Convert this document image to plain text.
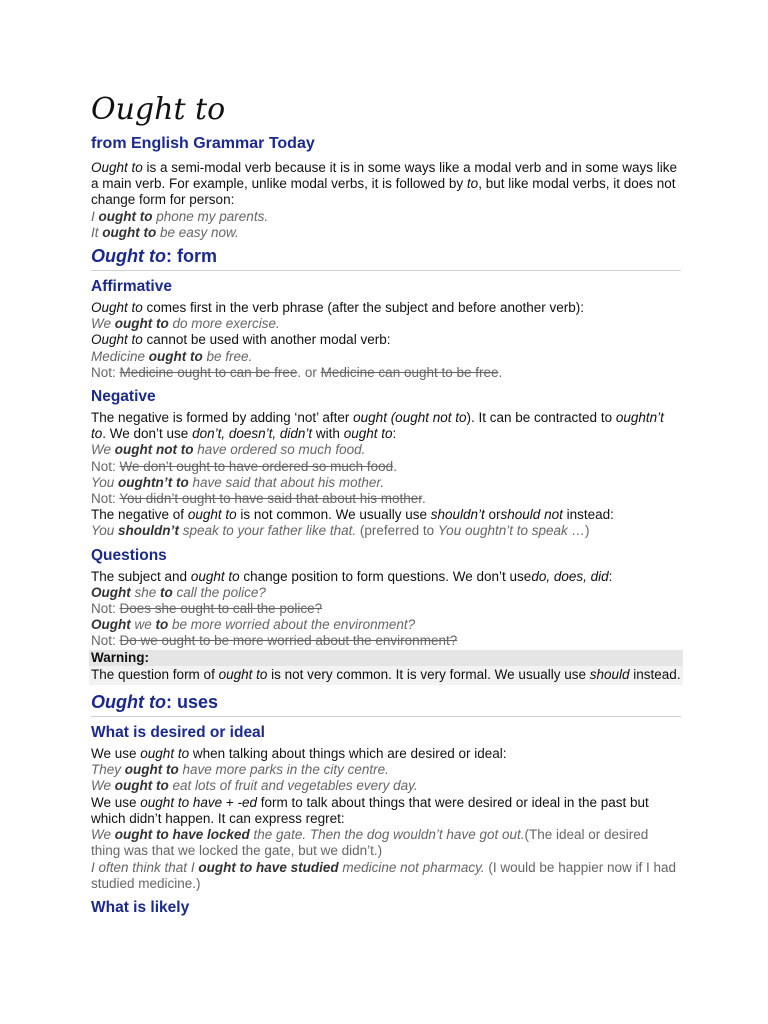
Ought to
from English Grammar Today

Ought to is a semi-modal verb because it is in some ways like a modal verb and in some ways like a main verb. For example, unlike modal verbs, it is followed by to, but like modal verbs, it does not change form for person:

I ought to phone my parents.

It ought to be easy now.

Ought to: form
Affirmative

Ought to comes first in the verb phrase (after the subject and before another verb):

We ought to do more exercise.

Ought to cannot be used with another modal verb:

Medicine ought to be free.

Not: Medicine ought to can be free. or Medicine can ought to be free.

Negative

The negative is formed by adding ‘not’ after ought (ought not to). It can be contracted to oughtn’t to. We don’t use don’t, doesn’t, didn’t with ought to:

We ought not to have ordered so much food.

Not: We don’t ought to have ordered so much food.

You oughtn’t to have said that about his mother.

Not: You didn’t ought to have said that about his mother.

The negative of ought to is not common. We usually use shouldn’t orshould not instead:

You shouldn’t speak to your father like that. (preferred to You oughtn’t to speak …)

Questions

The subject and ought to change position to form questions. We don’t usedo, does, did:

Ought she to call the police?

Not: Does she ought to call the police?

Ought we to be more worried about the environment?

Not: Do we ought to be more worried about the environment?

Warning:
The question form of ought to is not very common. It is very formal. We usually use should instead.
Ought to: uses
What is desired or ideal

We use ought to when talking about things which are desired or ideal:

They ought to have more parks in the city centre.

We ought to eat lots of fruit and vegetables every day.

We use ought to have + -ed form to talk about things that were desired or ideal in the past but which didn’t happen. It can express regret:

We ought to have locked the gate. Then the dog wouldn’t have got out.(The ideal or desired thing was that we locked the gate, but we didn’t.)

I often think that I ought to have studied medicine not pharmacy. (I would be happier now if I had studied medicine.)

What is likely
